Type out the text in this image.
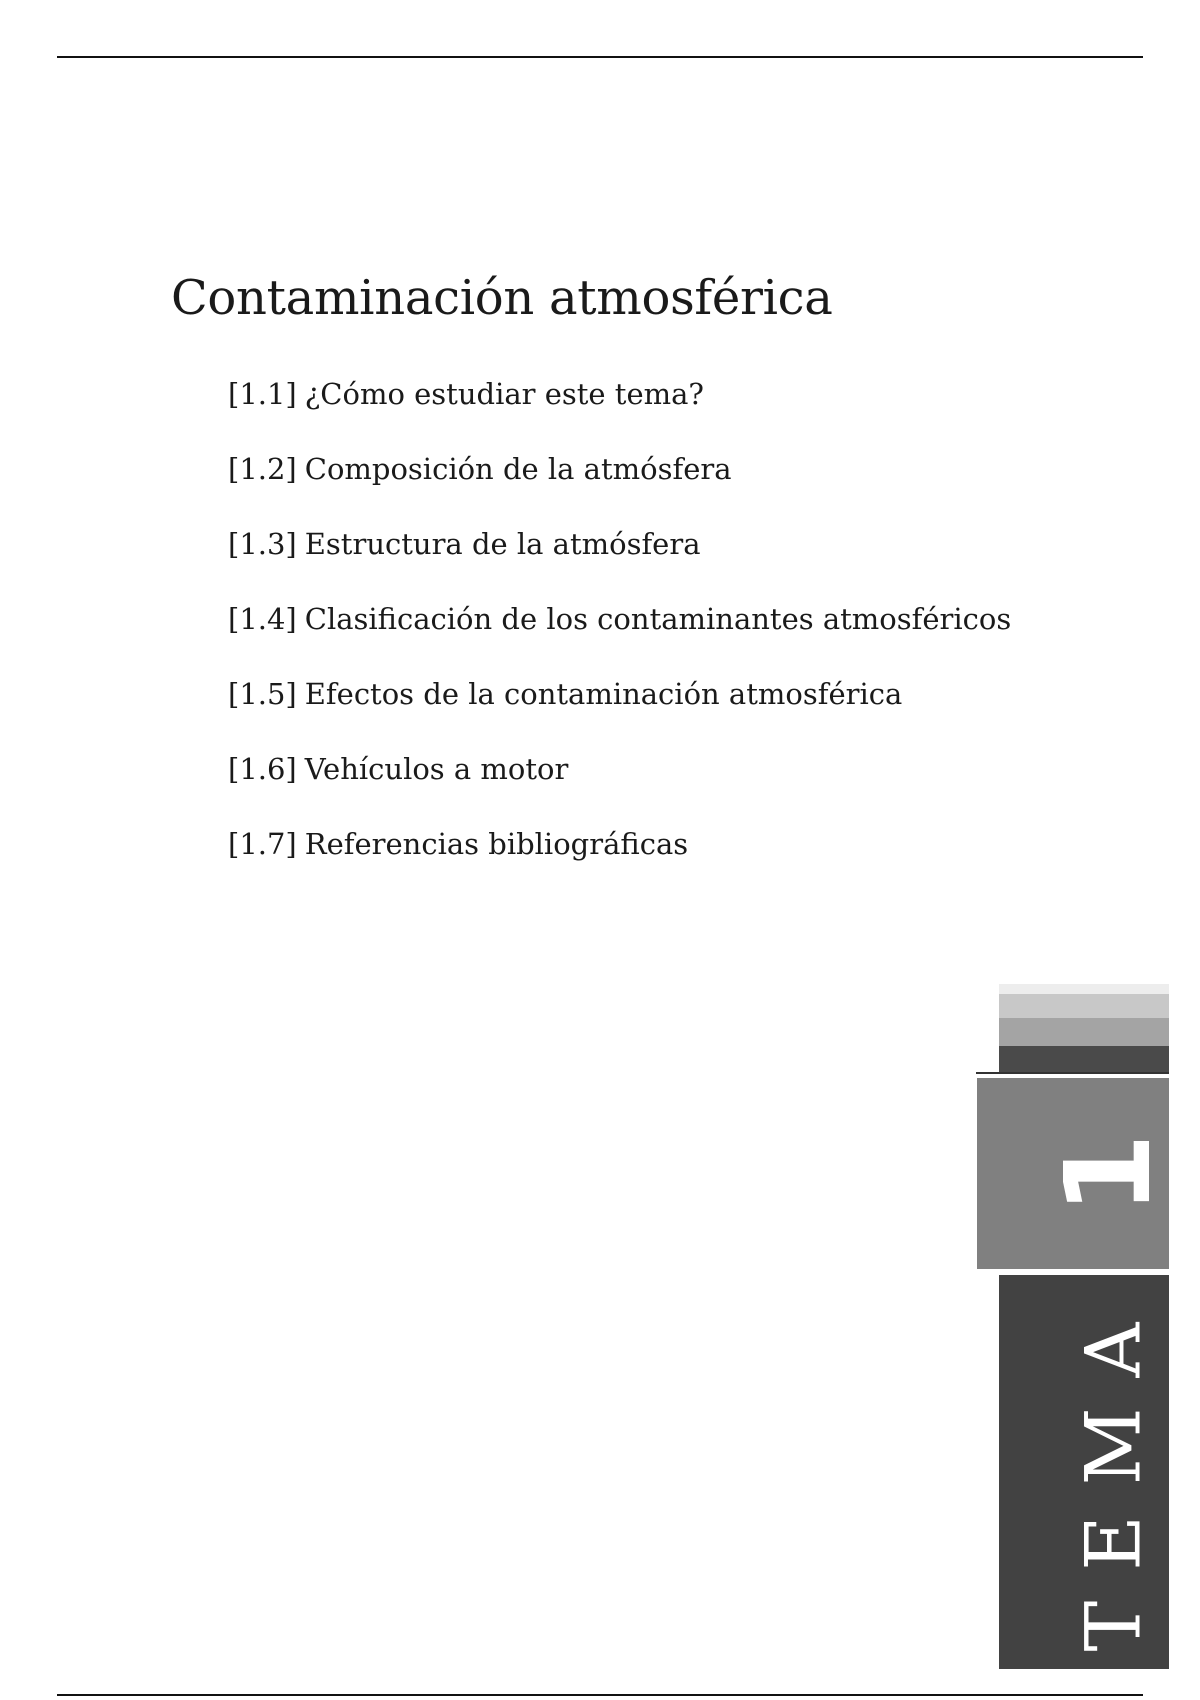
Contaminación atmosférica
[1.1] ¿Cómo estudiar este tema?
[1.2] Composición de la atmósfera
[1.3] Estructura de la atmósfera
[1.4] Clasificación de los contaminantes atmosféricos
[1.5] Efectos de la contaminación atmosférica
[1.6] Vehículos a motor
[1.7] Referencias bibliográficas
1
TEMA
